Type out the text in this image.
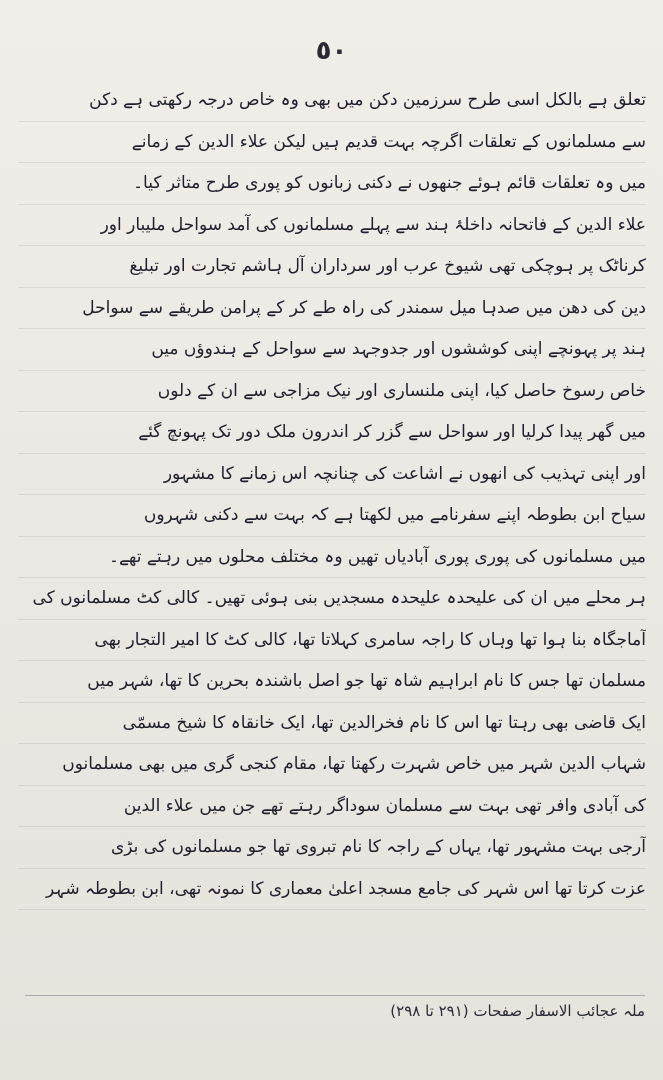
٥٠
تعلق ہے بالکل اسی طرح سرزمین دکن میں بھی وہ خاص درجہ رکھتی ہے دکن
سے مسلمانوں کے تعلقات اگرچہ بہت قدیم ہیں لیکن علاء الدین کے زمانے
میں وہ تعلقات قائم ہوئے جنھوں نے دکنی زبانوں کو پوری طرح متاثر کیا۔
علاء الدین کے فاتحانہ داخلۂ ہند سے پہلے مسلمانوں کی آمد سواحل ملیبار اور
کرناٹک پر ہوچکی تھی شیوخ عرب اور سرداران آل ہاشم تجارت اور تبلیغ
دین کی دھن میں صدہا میل سمندر کی راہ طے کر کے پرامن طریقے سے سواحل
ہند پر پہونچے اپنی کوششوں اور جدوجہد سے سواحل کے ہندوؤں میں
خاص رسوخ حاصل کیا، اپنی ملنساری اور نیک مزاجی سے ان کے دلوں
میں گھر پیدا کرلیا اور سواحل سے گزر کر اندرون ملک دور تک پہونچ گئے
اور اپنی تہذیب کی انھوں نے اشاعت کی چنانچہ اس زمانے کا مشہور
سیاح ابن بطوطہ اپنے سفرنامے میں لکھتا ہے کہ بہت سے دکنی شہروں
میں مسلمانوں کی پوری پوری آبادیاں تھیں وہ مختلف محلوں میں رہتے تھے۔
ہر محلے میں ان کی علیحدہ علیحدہ مسجدیں بنی ہوئی تھیں۔ کالی کٹ مسلمانوں کی
آماجگاہ بنا ہوا تھا وہاں کا راجہ سامری کہلاتا تھا، کالی کٹ کا امیر التجار بھی
مسلمان تھا جس کا نام ابراہیم شاہ تھا جو اصل باشندہ بحرین کا تھا، شہر میں
ایک قاضی بھی رہتا تھا اس کا نام فخرالدین تھا، ایک خانقاہ کا شیخ مسمّی
شہاب الدین شہر میں خاص شہرت رکھتا تھا، مقام کنجی گری میں بھی مسلمانوں
کی آبادی وافر تھی بہت سے مسلمان سوداگر رہتے تھے جن میں علاء الدین
آرجی بہت مشہور تھا، یہاں کے راجہ کا نام تبروی تھا جو مسلمانوں کی بڑی
عزت کرتا تھا اس شہر کی جامع مسجد اعلیٰ معماری کا نمونہ تھی، ابن بطوطہ شہر
ملہ عجائب الاسفار صفحات (۲۹۱ تا ۲۹۸)
